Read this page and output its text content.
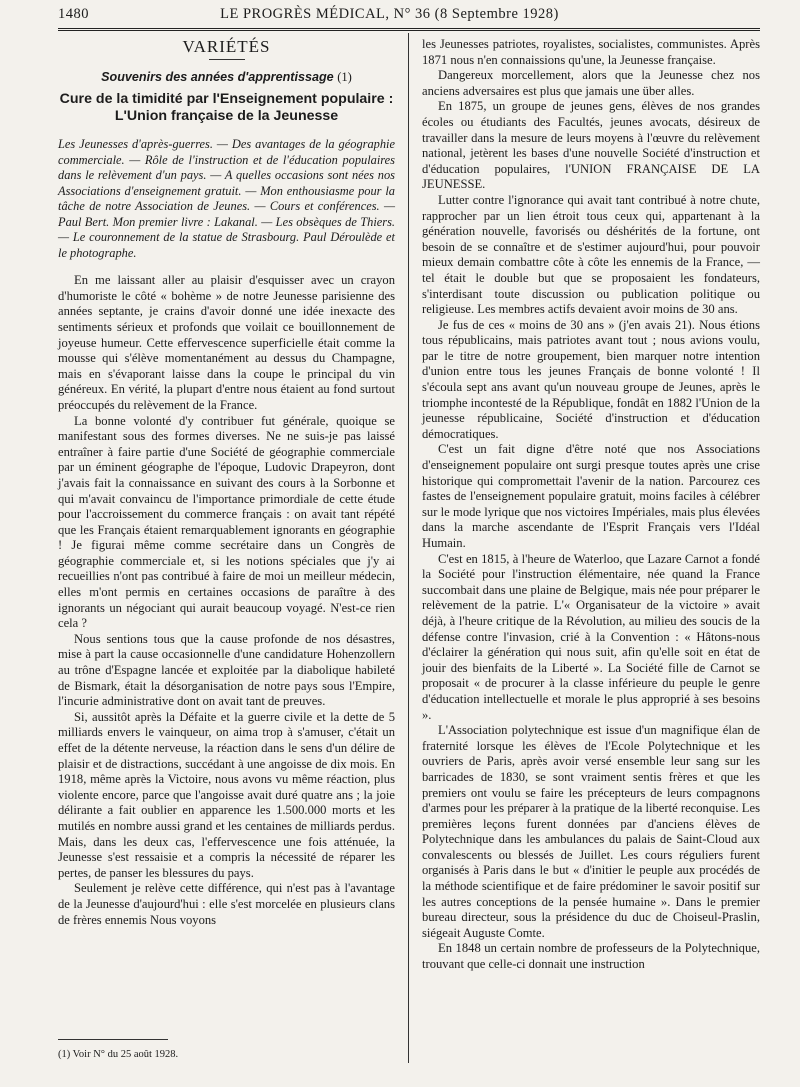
1480	LE PROGRÈS MÉDICAL, N° 36 (8 Septembre 1928)
VARIÉTÉS
Souvenirs des années d'apprentissage (1)
Cure de la timidité par l'Enseignement populaire :
L'Union française de la Jeunesse

Les Jeunesses d'après-guerres. — Des avantages de la géographie commerciale. — Rôle de l'instruction et de l'éducation populaires dans le relèvement d'un pays. — A quelles occasions sont nées nos Associations d'enseignement gratuit. — Mon enthousiasme pour la tâche de notre Association de Jeunes. — Cours et conférences. — Paul Bert. Mon premier livre : Lakanal. — Les obsèques de Thiers. — Le couronnement de la statue de Strasbourg. Paul Déroulède et le photographe.

En me laissant aller au plaisir d'esquisser avec un crayon d'humoriste le côté « bohème » de notre Jeunesse parisienne des années septante, je crains d'avoir donné une idée inexacte des sentiments sérieux et profonds que voilait ce bouillonnement de joyeuse humeur. Cette effervescence superficielle était comme la mousse qui s'élève momentanément au dessus du Champagne, mais en s'évaporant laisse dans la coupe le principal du vin généreux. En vérité, la plupart d'entre nous étaient au fond surtout préoccupés du relèvement de la France.

La bonne volonté d'y contribuer fut générale, quoique se manifestant sous des formes diverses. Ne ne suis-je pas laissé entraîner à faire partie d'une Société de géographie commerciale par un éminent géographe de l'époque, Ludovic Drapeyron, dont j'avais fait la connaissance en suivant des cours à la Sorbonne et qui m'avait convaincu de l'importance primordiale de cette étude pour l'accroissement du commerce français : on avait tant répété que les Français étaient remarquablement ignorants en géographie ! Je figurai même comme secrétaire dans un Congrès de géographie commerciale et, si les notions spéciales que j'y ai recueillies n'ont pas contribué à faire de moi un meilleur médecin, elles m'ont permis en certaines occasions de paraître à des ignorants un négociant qui aurait beaucoup voyagé. N'est-ce rien cela ?

Nous sentions tous que la cause profonde de nos désastres, mise à part la cause occasionnelle d'une candidature Hohenzollern au trône d'Espagne lancée et exploitée par la diabolique habileté de Bismark, était la désorganisation de notre pays sous l'Empire, l'incurie administrative dont on avait tant de preuves.

Si, aussitôt après la Défaite et la guerre civile et la dette de 5 milliards envers le vainqueur, on aima trop à s'amuser, c'était un effet de la détente nerveuse, la réaction dans le sens d'un délire de plaisir et de distractions, succédant à une angoisse de dix mois. En 1918, même après la Victoire, nous avons vu même réaction, plus violente encore, parce que l'angoisse avait duré quatre ans ; la joie délirante a fait oublier en apparence les 1.500.000 morts et les mutilés en nombre aussi grand et les centaines de milliards perdus. Mais, dans les deux cas, l'effervescence une fois atténuée, la Jeunesse s'est ressaisie et a compris la nécessité de réparer les pertes, de panser les blessures du pays.

Seulement je relève cette différence, qui n'est pas à l'avantage de la Jeunesse d'aujourd'hui : elle s'est morcelée en plusieurs clans de frères ennemis Nous voyons

les Jeunesses patriotes, royalistes, socialistes, communistes. Après 1871 nous n'en connaissions qu'une, la Jeunesse française.

Dangereux morcellement, alors que la Jeunesse chez nos anciens adversaires est plus que jamais une über alles.

En 1875, un groupe de jeunes gens, élèves de nos grandes écoles ou étudiants des Facultés, jeunes avocats, désireux de travailler dans la mesure de leurs moyens à l'œuvre du relèvement national, jetèrent les bases d'une nouvelle Société d'instruction et d'éducation populaires, l'UNION FRANÇAISE DE LA JEUNESSE.

Lutter contre l'ignorance qui avait tant contribué à notre chute, rapprocher par un lien étroit tous ceux qui, appartenant à la génération nouvelle, favorisés ou déshérités de la fortune, ont besoin de se connaître et de s'estimer aujourd'hui, pour pouvoir mieux demain combattre côte à côte les ennemis de la France, — tel était le double but que se proposaient les fondateurs, s'interdisant toute discussion ou publication politique ou religieuse. Les membres actifs devaient avoir moins de 30 ans.

Je fus de ces « moins de 30 ans » (j'en avais 21). Nous étions tous républicains, mais patriotes avant tout ; nous avions voulu, par le titre de notre groupement, bien marquer notre intention d'union entre tous les jeunes Français de bonne volonté ! Il s'écoula sept ans avant qu'un nouveau groupe de Jeunes, après le triomphe incontesté de la République, fondât en 1882 l'Union de la jeunesse républicaine, Société d'instruction et d'éducation démocratiques.

C'est un fait digne d'être noté que nos Associations d'enseignement populaire ont surgi presque toutes après une crise historique qui compromettait l'avenir de la nation. Parcourez ces fastes de l'enseignement populaire gratuit, moins faciles à célébrer sur le mode lyrique que nos victoires Impériales, mais plus élevées dans la marche ascendante de l'Esprit Français vers l'Idéal Humain.

C'est en 1815, à l'heure de Waterloo, que Lazare Carnot a fondé la Société pour l'instruction élémentaire, née quand la France succombait dans une plaine de Belgique, mais née pour préparer le relèvement de la patrie. L'« Organisateur de la victoire » avait déjà, à l'heure critique de la Révolution, au milieu des soucis de la défense contre l'invasion, crié à la Convention : « Hâtons-nous d'éclairer la génération qui nous suit, afin qu'elle soit en état de jouir des bienfaits de la Liberté ». La Société fille de Carnot se proposait « de procurer à la classe inférieure du peuple le genre d'éducation intellectuelle et morale le plus approprié à ses besoins ».

L'Association polytechnique est issue d'un magnifique élan de fraternité lorsque les élèves de l'Ecole Polytechnique et les ouvriers de Paris, après avoir versé ensemble leur sang sur les barricades de 1830, se sont vraiment sentis frères et que les premiers ont voulu se faire les précepteurs de leurs compagnons d'armes pour les préparer à la pratique de la liberté reconquise. Les premières leçons furent données par d'anciens élèves de Polytechnique dans les ambulances du palais de Saint-Cloud aux convalescents ou blessés de Juillet. Les cours réguliers furent organisés à Paris dans le but « d'initier le peuple aux procédés de la méthode scientifique et de faire prédominer le savoir positif sur les autres conceptions de la pensée humaine ». Dans le premier bureau directeur, sous la présidence du duc de Choiseul-Praslin, siégeait Auguste Comte.

En 1848 un certain nombre de professeurs de la Polytechnique, trouvant que celle-ci donnait une instruction

(1) Voir N° du 25 août 1928.
